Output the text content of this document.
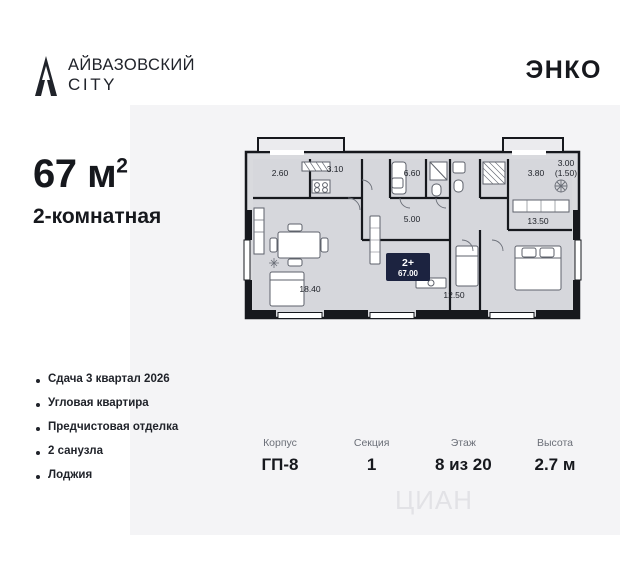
АЙВАЗОВСКИЙ
CITY
ЭНКО
67 $м^2$
2-комнатная
Сдача 3 квартал 2026
Угловая квартира
Предчистовая отделка
2 санузла
Лоджия
2.60	3.10	6.60	3.80
3.00
(1.50)
5.00	13.50
18.40
12.50
2+
67.00
Корпус
ГП-8
Секция
1
Этаж
8 из 20
Высота
2.7 м
ЦИАН
